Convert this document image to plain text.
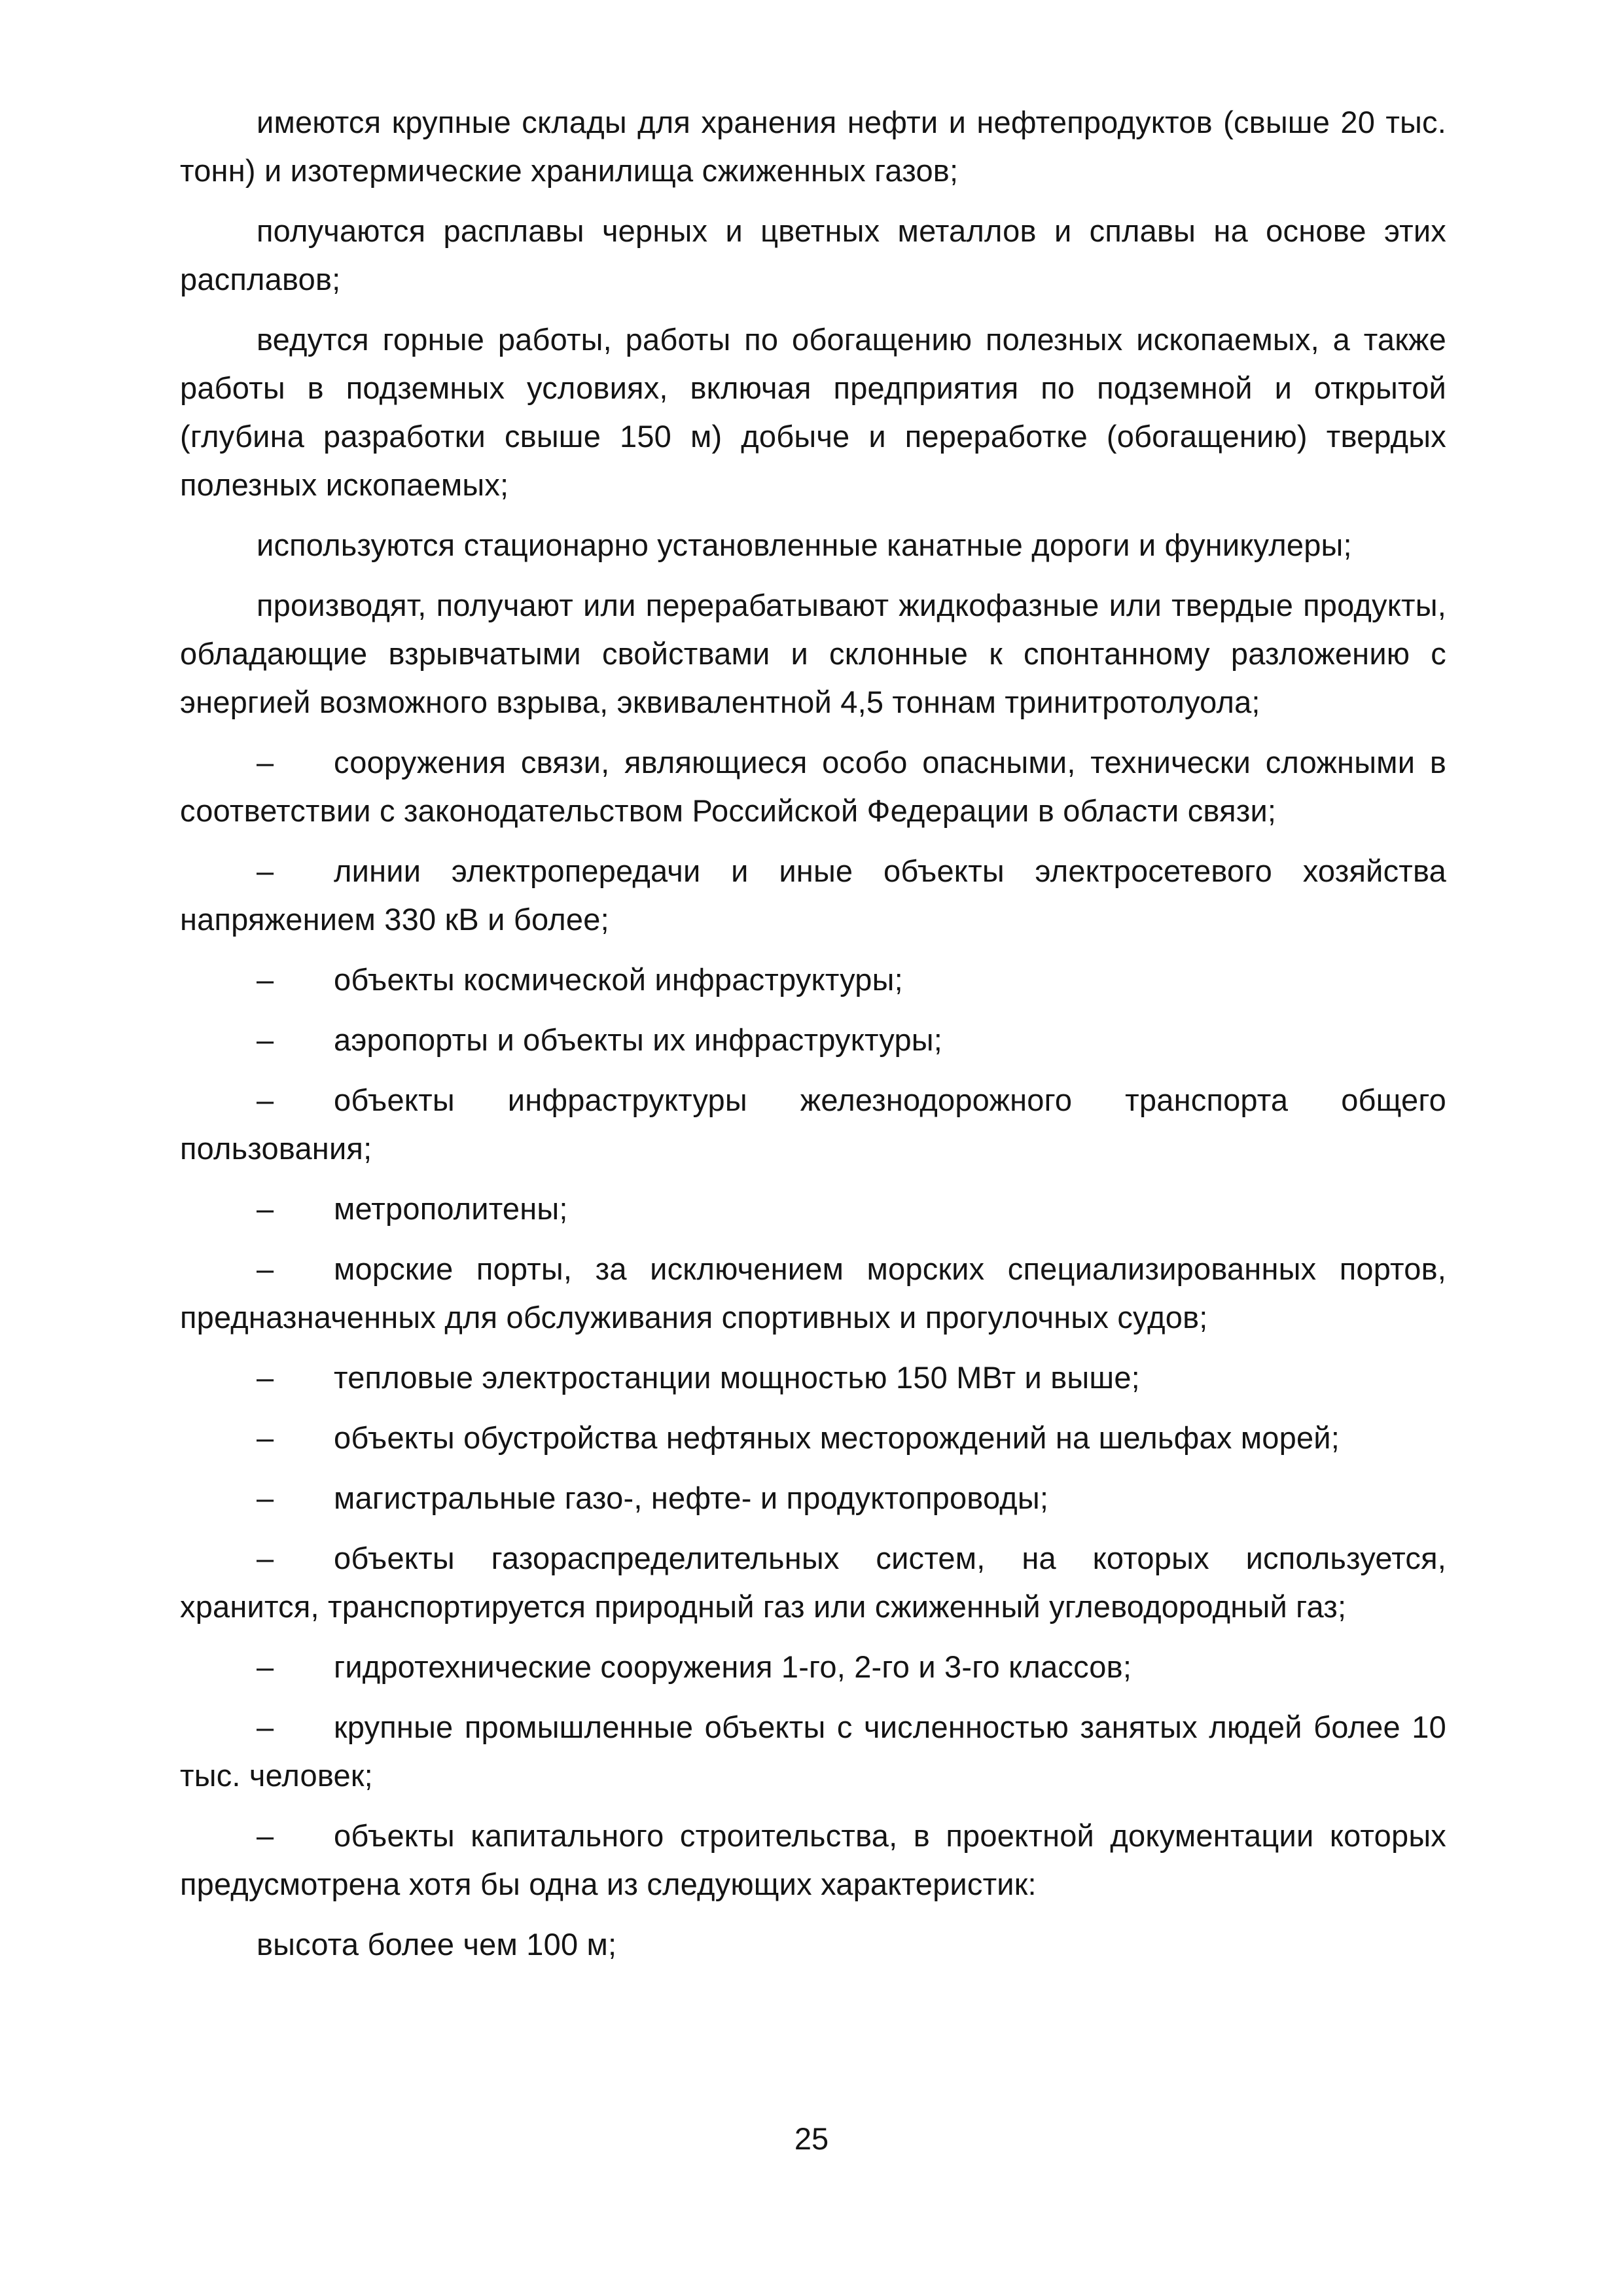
имеются крупные склады для хранения нефти и нефтепродуктов (свыше 20 тыс. тонн) и изотермические хранилища сжиженных газов;
получаются расплавы черных и цветных металлов и сплавы на основе этих расплавов;
ведутся горные работы, работы по обогащению полезных ископаемых, а также работы в подземных условиях, включая предприятия по подземной и открытой (глубина разработки свыше 150 м) добыче и переработке (обогащению) твердых полезных ископаемых;
используются стационарно установленные канатные дороги и фуникулеры;
производят, получают или перерабатывают жидкофазные или твердые продукты, обладающие взрывчатыми свойствами и склонные к спонтанному разложению с энергией возможного взрыва, эквивалентной 4,5 тоннам тринитротолуола;
– сооружения связи, являющиеся особо опасными, технически сложными в соответствии с законодательством Российской Федерации в области связи;
– линии электропередачи и иные объекты электросетевого хозяйства напряжением 330 кВ и более;
– объекты космической инфраструктуры;
– аэропорты и объекты их инфраструктуры;
– объекты инфраструктуры железнодорожного транспорта общего пользования;
– метрополитены;
– морские порты, за исключением морских специализированных портов, предназначенных для обслуживания спортивных и прогулочных судов;
– тепловые электростанции мощностью 150 МВт и выше;
– объекты обустройства нефтяных месторождений на шельфах морей;
– магистральные газо-, нефте- и продуктопроводы;
– объекты газораспределительных систем, на которых используется, хранится, транспортируется природный газ или сжиженный углеводородный газ;
– гидротехнические сооружения 1-го, 2-го и 3-го классов;
– крупные промышленные объекты с численностью занятых людей более 10 тыс. человек;
– объекты капитального строительства, в проектной документации которых предусмотрена хотя бы одна из следующих характеристик:
высота более чем 100 м;
25
